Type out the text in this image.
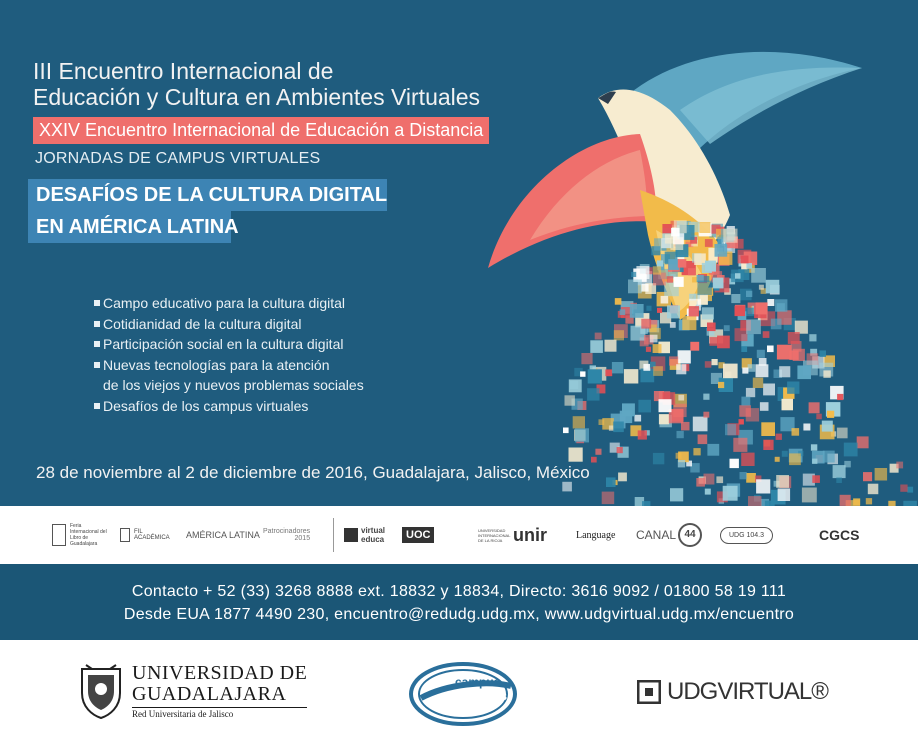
III Encuentro Internacional de
Educación y Cultura en Ambientes Virtuales
XXIV Encuentro Internacional de Educación a Distancia
JORNADAS DE CAMPUS VIRTUALES
DESAFÍOS DE LA CULTURA DIGITAL
EN AMÉRICA LATINA
Campo educativo para la cultura digital
Cotidianidad de la cultura digital
Participación social en la cultura digital
Nuevas tecnologías para la atención
de los viejos y nuevos problemas sociales
Desafíos de los campus virtuales
28 de noviembre al 2 de diciembre de 2016, Guadalajara, Jalisco, México
Feria Internacional del Libro de Guadalajara
FIL ACADÉMICA	AMÉRICA LATINA Patrocinadores
2015
virtual educa	UOC	UNIVERSIDAD INTERNACIONAL DE LA RIOJA unir	Language CANAL 44	UDG 104.3	CGCS
Contacto + 52 (33) 3268 8888 ext. 18832 y 18834, Directo: 3616 9092 / 01800 58 19 111
Desde EUA 1877 4490 230, encuentro@redudg.udg.mx, www.udgvirtual.udg.mx/encuentro
UNIVERSIDAD DE
GUADALAJARA
Red Universitaria de Jalisco
campus
virtuales.es	UDGVIRTUAL®
